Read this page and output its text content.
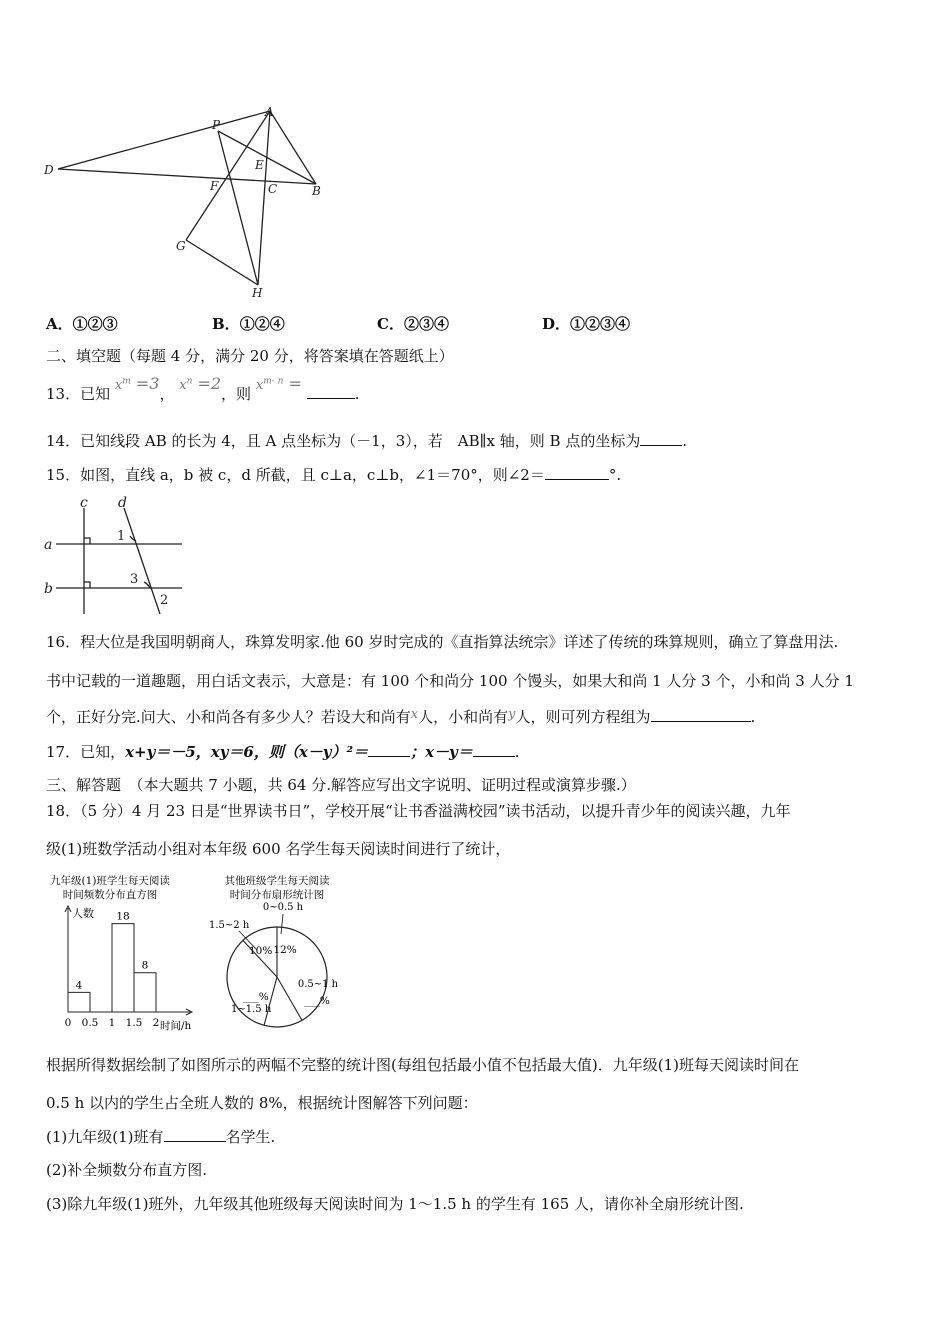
P
A
D	E
F	C	B
G
H
A．①②③	B．①②④	C．②③④	D．①②③④
二、填空题（每题 4 分，满分 20 分，将答案填在答题纸上）
13．已知 $x^m =3$， $x^n =2$，则 $x^{m- n}$ = .
14．已知线段 AB 的长为 4，且 A 点坐标为（－1，3），若　AB∥x 轴，则 B 点的坐标为	.
15．如图，直线 a，b 被 c，d 所截，且 c⊥a，c⊥b，∠1＝70°，则∠2＝	°.
c d
a
b
1
3
2
16．程大位是我国明朝商人，珠算发明家.他 60 岁时完成的《直指算法统宗》详述了传统的珠算规则，确立了算盘用法.
书中记载的一道趣题，用白话文表示，大意是：有 100 个和尚分 100 个馒头，如果大和尚 1 人分 3 个，小和尚 3 人分 1
个，正好分完.问大、小和尚各有多少人？若设大和尚有x人，小和尚有y人，则可列方程组为	.
17．已知，x+y＝－5，xy＝6，则（x－y）²＝	；x－y＝	.
三、解答题　（本大题共 7 小题，共 64 分.解答应写出文字说明、证明过程或演算步骤.）
18．（5 分）4 月 23 日是“世界读书日”，学校开展“让书香溢满校园”读书活动，以提升青少年的阅读兴趣，九年
级(1)班数学活动小组对本年级 600 名学生每天阅读时间进行了统计，
九年级(1)班学生每天阅读
时间频数分布直方图
人数
时间/h
0 0.5 1 1.5 2
4
18
8
其他班级学生每天阅读
时间分布扇形统计图
0~0.5 h
12%
0.5~1 h
___%
1~1.5 h
___%
1.5~2 h
10%
根据所得数据绘制了如图所示的两幅不完整的统计图(每组包括最小值不包括最大值)．九年级(1)班每天阅读时间在
0.5 h 以内的学生占全班人数的 8%，根据统计图解答下列问题：
(1)九年级(1)班有	名学生.
(2)补全频数分布直方图.
(3)除九年级(1)班外，九年级其他班级每天阅读时间为 1～1.5 h 的学生有 165 人，请你补全扇形统计图.
